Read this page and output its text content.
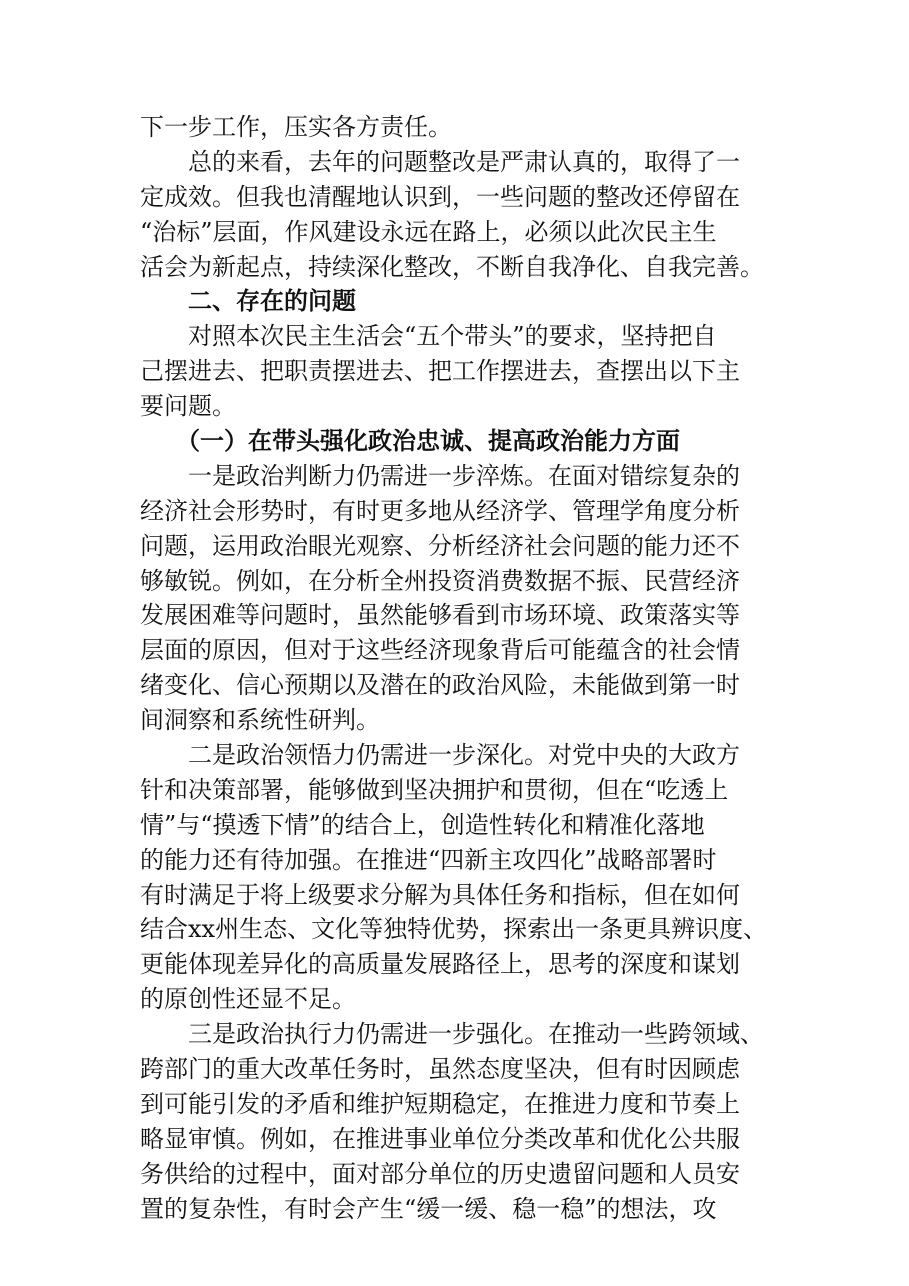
下一步工作，压实各方责任。
总的来看，去年的问题整改是严肃认真的，取得了一
定成效。但我也清醒地认识到，一些问题的整改还停留在
“治标”层面，作风建设永远在路上，必须以此次民主生
活会为新起点，持续深化整改，不断自我净化、自我完善。
二、存在的问题
对照本次民主生活会“五个带头”的要求，坚持把自
己摆进去、把职责摆进去、把工作摆进去，查摆出以下主
要问题。
（一）在带头强化政治忠诚、提高政治能力方面
一是政治判断力仍需进一步淬炼。在面对错综复杂的
经济社会形势时，有时更多地从经济学、管理学角度分析
问题，运用政治眼光观察、分析经济社会问题的能力还不
够敏锐。例如，在分析全州投资消费数据不振、民营经济
发展困难等问题时，虽然能够看到市场环境、政策落实等
层面的原因，但对于这些经济现象背后可能蕴含的社会情
绪变化、信心预期以及潜在的政治风险，未能做到第一时
间洞察和系统性研判。
二是政治领悟力仍需进一步深化。对党中央的大政方
针和决策部署，能够做到坚决拥护和贯彻，但在“吃透上
情”与“摸透下情”的结合上，创造性转化和精准化落地
的能力还有待加强。在推进“四新主攻四化”战略部署时
有时满足于将上级要求分解为具体任务和指标，但在如何
结合xx州生态、文化等独特优势，探索出一条更具辨识度、
更能体现差异化的高质量发展路径上，思考的深度和谋划
的原创性还显不足。
三是政治执行力仍需进一步强化。在推动一些跨领域、
跨部门的重大改革任务时，虽然态度坚决，但有时因顾虑
到可能引发的矛盾和维护短期稳定，在推进力度和节奏上
略显审慎。例如，在推进事业单位分类改革和优化公共服
务供给的过程中，面对部分单位的历史遗留问题和人员安
置的复杂性，有时会产生“缓一缓、稳一稳”的想法，攻
